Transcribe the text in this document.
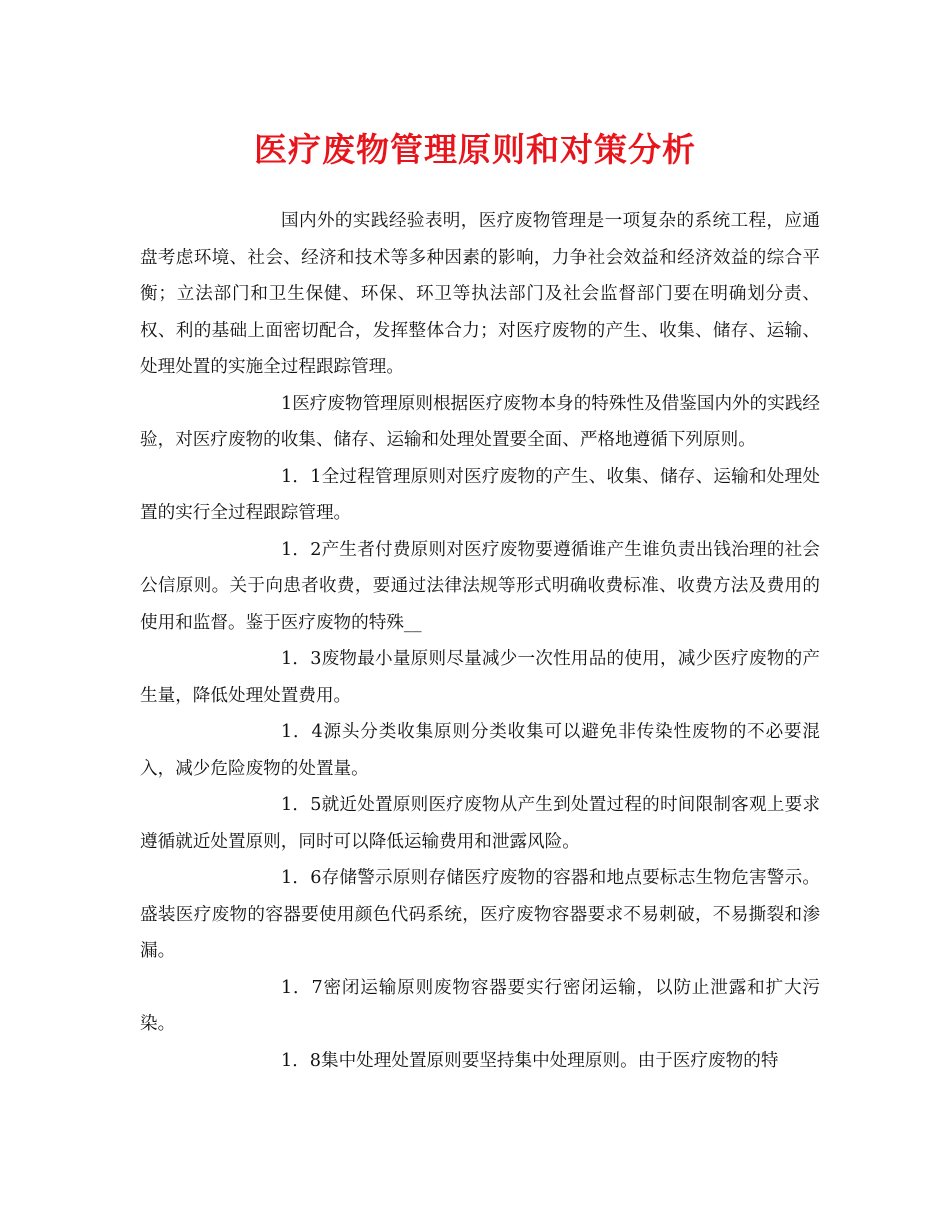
医疗废物管理原则和对策分析

国内外的实践经验表明，医疗废物管理是一项复杂的系统工程，应通盘考虑环境、社会、经济和技术等多种因素的影响，力争社会效益和经济效益的综合平衡；立法部门和卫生保健、环保、环卫等执法部门及社会监督部门要在明确划分责、权、利的基础上面密切配合，发挥整体合力；对医疗废物的产生、收集、储存、运输、处理处置的实施全过程跟踪管理。

1医疗废物管理原则根据医疗废物本身的特殊性及借鉴国内外的实践经验，对医疗废物的收集、储存、运输和处理处置要全面、严格地遵循下列原则。

1．1全过程管理原则对医疗废物的产生、收集、储存、运输和处理处置的实行全过程跟踪管理。

1．2产生者付费原则对医疗废物要遵循谁产生谁负责出钱治理的社会公信原则。关于向患者收费，要通过法律法规等形式明确收费标准、收费方法及费用的使用和监督。鉴于医疗废物的特殊__

1．3废物最小量原则尽量减少一次性用品的使用，减少医疗废物的产生量，降低处理处置费用。

1．4源头分类收集原则分类收集可以避免非传染性废物的不必要混入，减少危险废物的处置量。

1．5就近处置原则医疗废物从产生到处置过程的时间限制客观上要求遵循就近处置原则，同时可以降低运输费用和泄露风险。

1．6存储警示原则存储医疗废物的容器和地点要标志生物危害警示。盛装医疗废物的容器要使用颜色代码系统，医疗废物容器要求不易刺破，不易撕裂和渗漏。

1．7密闭运输原则废物容器要实行密闭运输，以防止泄露和扩大污染。

1．8集中处理处置原则要坚持集中处理原则。由于医疗废物的特
